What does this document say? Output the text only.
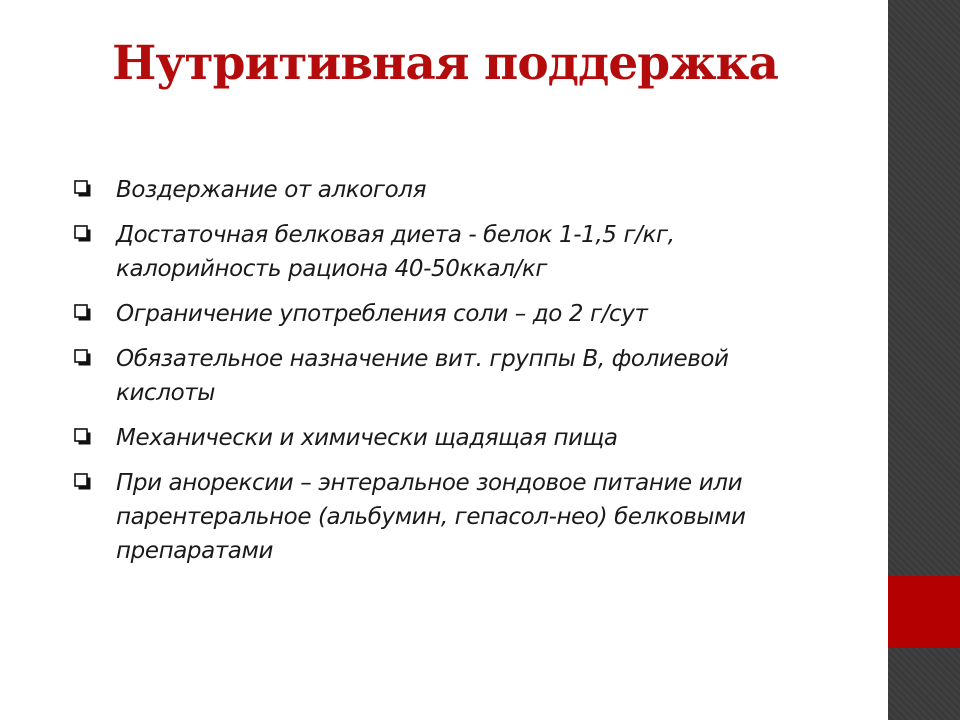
Нутритивная поддержка
Воздержание от алкоголя
Достаточная белковая диета - белок 1-1,5 г/кг,
калорийность рациона 40-50ккал/кг
Ограничение употребления соли – до 2 г/сут
Обязательное назначение вит. группы В, фолиевой
кислоты
Механически и химически щадящая пища
При анорексии – энтеральное зондовое питание или
парентеральное (альбумин, гепасол-нео) белковыми
препаратами
